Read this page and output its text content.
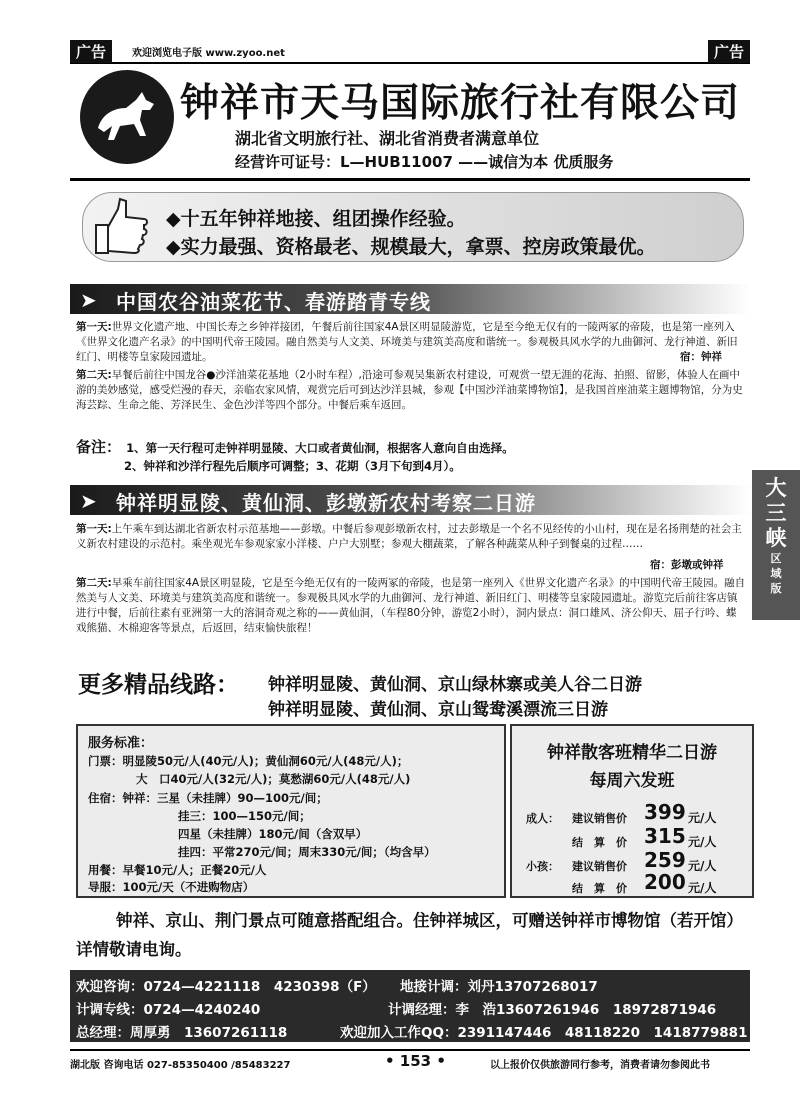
广告	欢迎浏览电子版 www.zyoo.net	广告
钟祥市天马国际旅行社有限公司
湖北省文明旅行社、湖北省消费者满意单位
经营许可证号：L—HUB11007 ——诚信为本 优质服务
◆十五年钟祥地接、组团操作经验。
◆实力最强、资格最老、规模最大，拿票、控房政策最优。
➤ 中国农谷油菜花节、春游踏青专线
第一天:世界文化遗产地、中国长寿之乡钟祥接团，午餐后前往国家4A景区明显陵游览，它是至今绝无仅有的一陵两冢的帝陵，也是第一座列入《世界文化遗产名录》的中国明代帝王陵园。融自然美与人文美、环境美与建筑美高度和谐统一。参观极具风水学的九曲御河、龙行神道、新旧红门、明楼等皇家陵园遗址。	宿：钟祥
第二天:早餐后前往中国龙谷●沙洋油菜花基地（2小时车程）,沿途可参观吴集新农村建设，可观赏一望无涯的花海、拍照、留影，体验人在画中游的美妙感觉，感受烂漫的春天，亲临农家风情，观赏完后可到达沙洋县城，参观【中国沙洋油菜博物馆】，是我国首座油菜主题博物馆，分为史海芸踪、生命之能、芳泽民生、金色沙洋等四个部分。中餐后乘车返回。
备注： 1、第一天行程可走钟祥明显陵、大口或者黄仙洞，根据客人意向自由选择。
2、钟祥和沙洋行程先后顺序可调整；3、花期（3月下旬到4月）。
➤ 钟祥明显陵、黄仙洞、彭墩新农村考察二日游
第一天:上午乘车到达湖北省新农村示范基地——彭墩。中餐后参观彭墩新农村，过去彭墩是一个名不见经传的小山村，现在是名扬荆楚的社会主义新农村建设的示范村。乘坐观光车参观家家小洋楼、户户大别墅；参观大棚蔬菜，了解各种蔬菜从种子到餐桌的过程……
宿：彭墩或钟祥
第二天:早乘车前往国家4A景区明显陵，它是至今绝无仅有的一陵两冢的帝陵，也是第一座列入《世界文化遗产名录》的中国明代帝王陵园。融自然美与人文美、环境美与建筑美高度和谐统一。参观极具风水学的九曲御河、龙行神道、新旧红门、明楼等皇家陵园遗址。游览完后前往客店镇进行中餐，后前往素有亚洲第一大的溶洞奇观之称的——黄仙洞，（车程80分钟，游览2小时），洞内景点：洞口雄风、济公仰天、屈子行吟、蝶戏熊猫、木棉迎客等景点，后返回，结束愉快旅程！
大三峡
区域版
更多精品线路： 钟祥明显陵、黄仙洞、京山绿林寨或美人谷二日游
钟祥明显陵、黄仙洞、京山鸳鸯溪漂流三日游
服务标准：
门票：明显陵50元/人(40元/人)；黄仙洞60元/人(48元/人)；
大　口40元/人(32元/人)；莫愁湖60元/人(48元/人)
住宿：钟祥：三星（未挂牌）90—100元/间；
挂三：100—150元/间；
四星（未挂牌）180元/间（含双早）
挂四：平常270元/间；周末330元/间；（均含早）
用餐：早餐10元/人；正餐20元/人
导服：100元/天（不进购物店）
钟祥散客班精华二日游
每周六发班
成人： 建议销售价 399 元/人
结　算　价 315 元/人
小孩： 建议销售价 259 元/人
结　算　价 200 元/人
钟祥、京山、荆门景点可随意搭配组合。住钟祥城区，可赠送钟祥市博物馆（若开馆）详情敬请电询。
欢迎咨询：0724—4221118　4230398（F） 地接计调：刘丹13707268017
计调专线：0724—4240240	计调经理：李　浩13607261946　18972871946
总经理：周厚勇　13607261118	欢迎加入工作QQ：2391147446　48118220　1418779881
湖北版 咨询电话 027-85350400 /85483227	• 153 •	以上报价仅供旅游同行参考，消费者请勿参阅此书
